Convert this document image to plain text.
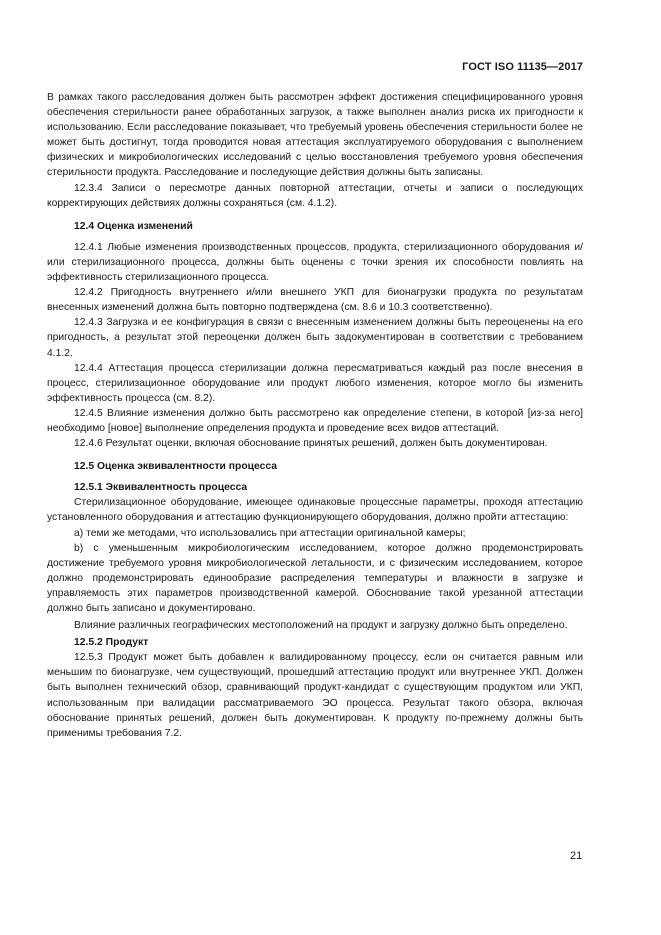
ГОСТ ISO 11135—2017

В рамках такого расследования должен быть рассмотрен эффект достижения специфицированного уровня обеспечения стерильности ранее обработанных загрузок, а также выполнен анализ риска их пригодности к использованию. Если расследование показывает, что требуемый уровень обеспечения стерильности более не может быть достигнут, тогда проводится новая аттестация эксплуатируемого оборудования с выполнением физических и микробиологических исследований с целью восстановления требуемого уровня обеспечения стерильности продукта. Расследование и последующие действия должны быть записаны.

12.3.4 Записи о пересмотре данных повторной аттестации, отчеты и записи о последующих корректирующих действиях должны сохраняться (см. 4.1.2).

12.4 Оценка изменений

12.4.1 Любые изменения производственных процессов, продукта, стерилизационного оборудования и/или стерилизационного процесса, должны быть оценены с точки зрения их способности повлиять на эффективность стерилизационного процесса.

12.4.2 Пригодность внутреннего и/или внешнего УКП для бионагрузки продукта по результатам внесенных изменений должна быть повторно подтверждена (см. 8.6 и 10.3 соответственно).

12.4.3 Загрузка и ее конфигурация в связи с внесенным изменением должны быть переоценены на его пригодность, а результат этой переоценки должен быть задокументирован в соответствии с требованием 4.1.2.

12.4.4 Аттестация процесса стерилизации должна пересматриваться каждый раз после внесения в процесс, стерилизационное оборудование или продукт любого изменения, которое могло бы изменить эффективность процесса (см. 8.2).

12.4.5 Влияние изменения должно быть рассмотрено как определение степени, в которой [из-за него] необходимо [новое] выполнение определения продукта и проведение всех видов аттестаций.

12.4.6 Результат оценки, включая обоснование принятых решений, должен быть документирован.

12.5 Оценка эквивалентности процесса

12.5.1 Эквивалентность процесса

Стерилизационное оборудование, имеющее одинаковые процессные параметры, проходя аттестацию установленного оборудования и аттестацию функционирующего оборудования, должно пройти аттестацию:

a) теми же методами, что использовались при аттестации оригинальной камеры;

b) с уменьшенным микробиологическим исследованием, которое должно продемонстрировать достижение требуемого уровня микробиологической летальности, и с физическим исследованием, которое должно продемонстрировать единообразие распределения температуры и влажности в загрузке и управляемость этих параметров производственной камерой. Обоснование такой урезанной аттестации должно быть записано и документировано.

Влияние различных географических местоположений на продукт и загрузку должно быть определено.

12.5.2 Продукт

12.5.3 Продукт может быть добавлен к валидированному процессу, если он считается равным или меньшим по бионагрузке, чем существующий, прошедший аттестацию продукт или внутреннее УКП. Должен быть выполнен технический обзор, сравнивающий продукт-кандидат с существующим продуктом или УКП, использованным при валидации рассматриваемого ЭО процесса. Результат такого обзора, включая обоснование принятых решений, должен быть документирован. К продукту по-прежнему должны быть применимы требования 7.2.

21
